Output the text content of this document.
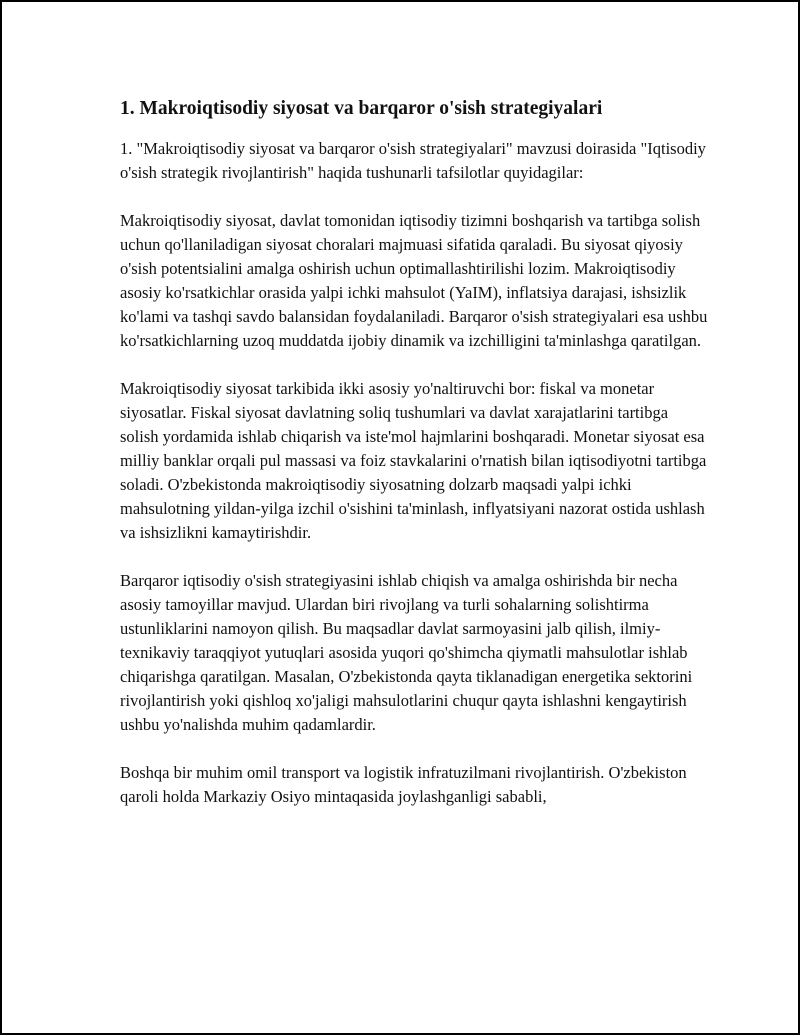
1. Makroiqtisodiy siyosat va barqaror o'sish strategiyalari

1. "Makroiqtisodiy siyosat va barqaror o'sish strategiyalari" mavzusi doirasida "Iqtisodiy o'sish strategik rivojlantirish" haqida tushunarli tafsilotlar quyidagilar:

Makroiqtisodiy siyosat, davlat tomonidan iqtisodiy tizimni boshqarish va tartibga solish uchun qo'llaniladigan siyosat choralari majmuasi sifatida qaraladi. Bu siyosat qiyosiy o'sish potentsialini amalga oshirish uchun optimallashtirilishi lozim. Makroiqtisodiy asosiy ko'rsatkichlar orasida yalpi ichki mahsulot (YaIM), inflatsiya darajasi, ishsizlik ko'lami va tashqi savdo balansidan foydalaniladi. Barqaror o'sish strategiyalari esa ushbu ko'rsatkichlarning uzoq muddatda ijobiy dinamik va izchilligini ta'minlashga qaratilgan.

Makroiqtisodiy siyosat tarkibida ikki asosiy yo'naltiruvchi bor: fiskal va monetar siyosatlar. Fiskal siyosat davlatning soliq tushumlari va davlat xarajatlarini tartibga solish yordamida ishlab chiqarish va iste'mol hajmlarini boshqaradi. Monetar siyosat esa milliy banklar orqali pul massasi va foiz stavkalarini o'rnatish bilan iqtisodiyotni tartibga soladi. O'zbekistonda makroiqtisodiy siyosatning dolzarb maqsadi yalpi ichki mahsulotning yildan-yilga izchil o'sishini ta'minlash, inflyatsiyani nazorat ostida ushlash va ishsizlikni kamaytirishdir.

Barqaror iqtisodiy o'sish strategiyasini ishlab chiqish va amalga oshirishda bir necha asosiy tamoyillar mavjud. Ulardan biri rivojlang va turli sohalarning solishtirma ustunliklarini namoyon qilish. Bu maqsadlar davlat sarmoyasini jalb qilish, ilmiy-texnikaviy taraqqiyot yutuqlari asosida yuqori qo'shimcha qiymatli mahsulotlar ishlab chiqarishga qaratilgan. Masalan, O'zbekistonda qayta tiklanadigan energetika sektorini rivojlantirish yoki qishloq xo'jaligi mahsulotlarini chuqur qayta ishlashni kengaytirish ushbu yo'nalishda muhim qadamlardir.

Boshqa bir muhim omil transport va logistik infratuzilmani rivojlantirish. O'zbekiston qaroli holda Markaziy Osiyo mintaqasida joylashganligi sababli,
